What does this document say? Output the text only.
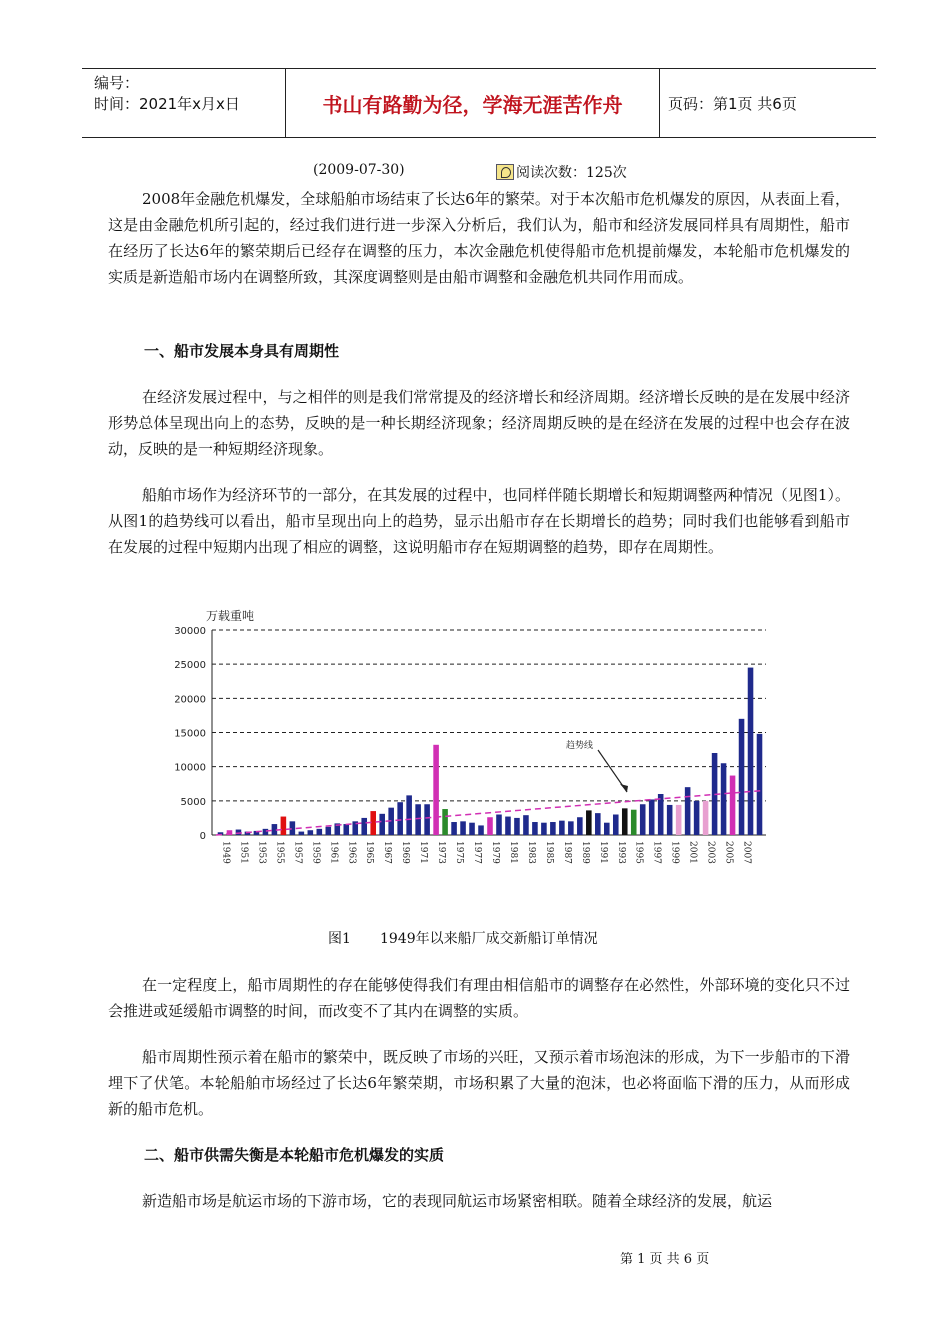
编号：
时间：2021年x月x日	书山有路勤为径，学海无涯苦作舟	页码：第1页 共6页
(2009-07-30)	阅读次数：125次
2008年金融危机爆发，全球船舶市场结束了长达6年的繁荣。对于本次船市危机爆发的原因，从表面上看，这是由金融危机所引起的，经过我们进行进一步深入分析后，我们认为，船市和经济发展同样具有周期性，船市在经历了长达6年的繁荣期后已经存在调整的压力，本次金融危机使得船市危机提前爆发，本轮船市危机爆发的实质是新造船市场内在调整所致，其深度调整则是由船市调整和金融危机共同作用而成。
一、船市发展本身具有周期性
在经济发展过程中，与之相伴的则是我们常常提及的经济增长和经济周期。经济增长反映的是在发展中经济形势总体呈现出向上的态势，反映的是一种长期经济现象；经济周期反映的是在经济在发展的过程中也会存在波动，反映的是一种短期经济现象。
船舶市场作为经济环节的一部分，在其发展的过程中，也同样伴随长期增长和短期调整两种情况（见图1）。从图1的趋势线可以看出，船市呈现出向上的趋势，显示出船市存在长期增长的趋势；同时我们也能够看到船市在发展的过程中短期内出现了相应的调整，这说明船市存在短期调整的趋势，即存在周期性。
万载重吨
0
5000
10000
15000
20000
25000
30000
1949 1951 1953 1955 1957 1959 1961 1963 1965 1967 1969 1971 1973 1975 1977 1979 1981 1983 1985 1987 1989 1991 1993 1995 1997 1999 2001 2003 2005 2007
趋势线
图1 1949年以来船厂成交新船订单情况
在一定程度上，船市周期性的存在能够使得我们有理由相信船市的调整存在必然性，外部环境的变化只不过会推进或延缓船市调整的时间，而改变不了其内在调整的实质。
船市周期性预示着在船市的繁荣中，既反映了市场的兴旺，又预示着市场泡沫的形成，为下一步船市的下滑埋下了伏笔。本轮船舶市场经过了长达6年繁荣期，市场积累了大量的泡沫，也必将面临下滑的压力，从而形成新的船市危机。
二、船市供需失衡是本轮船市危机爆发的实质
新造船市场是航运市场的下游市场，它的表现同航运市场紧密相联。随着全球经济的发展，航运
第 1 页 共 6 页
